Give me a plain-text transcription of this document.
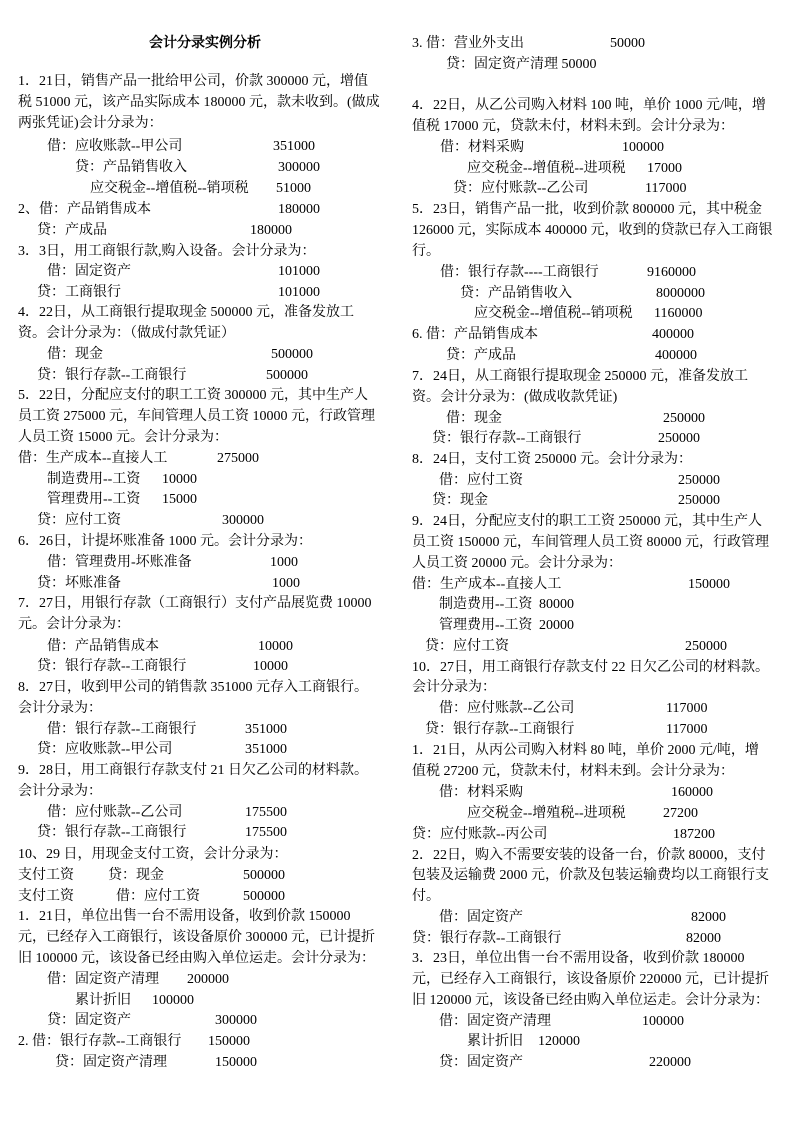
会计分录实例分析
1．21日，销售产品一批给甲公司，价款 300000 元，增值
税 51000 元，该产品实际成本 180000 元，款未收到。(做成
两张凭证)会计分录为：
借：应收账款--甲公司	351000
贷：产品销售收入	300000
应交税金--增值税--销项税 51000
2、借：产品销售成本	180000
贷：产成品	180000
3．3日，用工商银行款,购入设备。会计分录为：
借：固定资产	101000
贷：工商银行	101000
4．22日，从工商银行提取现金 500000 元，准备发放工
资。会计分录为：（做成付款凭证）
借：现金	500000
贷：银行存款--工商银行	500000
5．22日，分配应支付的职工工资 300000 元，其中生产人
员工资 275000 元，车间管理人员工资 10000 元，行政管理
人员工资 15000 元。会计分录为：
借：生产成本--直接人工	275000
制造费用--工资 10000
管理费用--工资 15000
贷：应付工资	300000
6．26日，计提坏账准备 1000 元。会计分录为：
借：管理费用-坏账准备	1000
贷：坏账准备	1000
7．27日，用银行存款（工商银行）支付产品展览费 10000
元。会计分录为：
借：产品销售成本	10000
贷：银行存款--工商银行	10000
8．27日，收到甲公司的销售款 351000 元存入工商银行。
会计分录为：
借：银行存款--工商银行	351000
贷：应收账款--甲公司	351000
9．28日，用工商银行存款支付 21 日欠乙公司的材料款。
会计分录为：
借：应付账款--乙公司	175500
贷：银行存款--工商银行	175500
10、29 日，用现金支付工资，会计分录为：
支付工资 贷：现金	500000
支付工资	借：应付工资	500000
1．21日，单位出售一台不需用设备，收到价款 150000
元，已经存入工商银行，该设备原价 300000 元，已计提折
旧 100000 元，该设备已经由购入单位运走。会计分录为：
借：固定资产清理 200000
累计折旧 100000
贷：固定资产	300000
2. 借：银行存款--工商银行 150000
贷：固定资产清理	150000
3. 借：营业外支出	50000
贷：固定资产清理 50000
4．22日，从乙公司购入材料 100 吨，单价 1000 元/吨，增
值税 17000 元，贷款未付，材料未到。会计分录为：
借：材料采购	100000
应交税金--增值税--进项税 17000
贷：应付账款--乙公司	117000
5．23日，销售产品一批，收到价款 800000 元，其中税金
126000 元，实际成本 400000 元，收到的贷款已存入工商银
行。
借：银行存款----工商银行	9160000
贷：产品销售收入	8000000
应交税金--增值税--销项税 1160000
6. 借：产品销售成本	400000
贷：产成品	400000
7．24日，从工商银行提取现金 250000 元，准备发放工
资。会计分录为：(做成收款凭证)
借：现金	250000
贷：银行存款--工商银行	250000
8．24日，支付工资 250000 元。会计分录为：
借：应付工资	250000
贷：现金	250000
9．24日，分配应支付的职工工资 250000 元，其中生产人
员工资 150000 元，车间管理人员工资 80000 元，行政管理
人员工资 20000 元。会计分录为：
借：生产成本--直接人工	150000
制造费用--工资 80000
管理费用--工资 20000
贷：应付工资	250000
10．27日，用工商银行存款支付 22 日欠乙公司的材料款。
会计分录为：
借：应付账款--乙公司	117000
贷：银行存款--工商银行	117000
1．21日，从丙公司购入材料 80 吨，单价 2000 元/吨，增
值税 27200 元，贷款未付，材料未到。会计分录为：
借：材料采购	160000
应交税金--增殖税--进项税	27200
贷：应付账款--丙公司	187200
2．22日，购入不需要安装的设备一台，价款 80000，支付
包装及运输费 2000 元，价款及包装运输费均以工商银行支
付。
借：固定资产	82000
贷：银行存款--工商银行	82000
3．23日，单位出售一台不需用设备，收到价款 180000
元，已经存入工商银行，该设备原价 220000 元，已计提折
旧 120000 元，该设备已经由购入单位运走。会计分录为：
借：固定资产清理	100000
累计折旧 120000
贷：固定资产	220000
